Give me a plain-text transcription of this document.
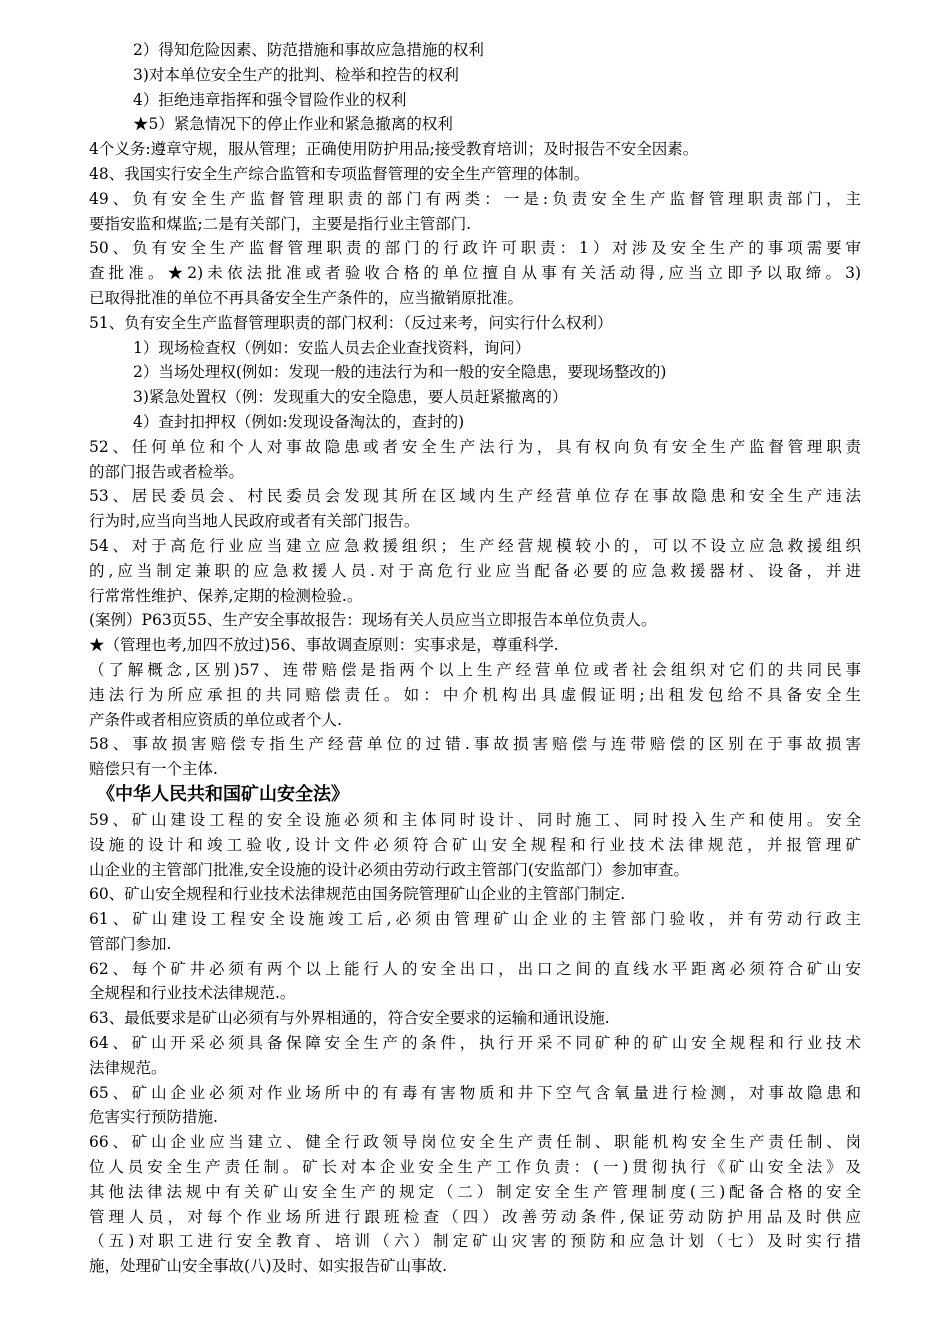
2）得知危险因素、防范措施和事故应急措施的权利
3)对本单位安全生产的批判、检举和控告的权利
4）拒绝违章指挥和强令冒险作业的权利
★5）紧急情况下的停止作业和紧急撤离的权利
4个义务:遵章守规，服从管理；正确使用防护用品;接受教育培训；及时报告不安全因素。
48、我国实行安全生产综合监管和专项监督管理的安全生产管理的体制。
49、负有安全生产监督管理职责的部门有两类：一是:负责安全生产监督管理职责部门，主
要指安监和煤监;二是有关部门，主要是指行业主管部门.
50、负有安全生产监督管理职责的部门的行政许可职责：1）对涉及安全生产的事项需要审
查批准。★2)未依法批准或者验收合格的单位擅自从事有关活动得,应当立即予以取缔。3)
已取得批准的单位不再具备安全生产条件的，应当撤销原批准。
51、负有安全生产监督管理职责的部门权利：（反过来考，问实行什么权利）
1）现场检查权（例如：安监人员去企业查找资料，询问）
2）当场处理权(例如：发现一般的违法行为和一般的安全隐患，要现场整改的)
3)紧急处置权（例：发现重大的安全隐患，要人员赶紧撤离的）
4）查封扣押权（例如:发现设备淘汰的，查封的)
52、任何单位和个人对事故隐患或者安全生产法行为，具有权向负有安全生产监督管理职责
的部门报告或者检举。
53、居民委员会、村民委员会发现其所在区域内生产经营单位存在事故隐患和安全生产违法
行为时,应当向当地人民政府或者有关部门报告。
54、对于高危行业应当建立应急救援组织；生产经营规模较小的，可以不设立应急救援组织
的,应当制定兼职的应急救援人员.对于高危行业应当配备必要的应急救援器材、设备，并进
行常常性维护、保养,定期的检测检验.。
(案例）P63页55、生产安全事故报告：现场有关人员应当立即报告本单位负责人。
★（管理也考,加四不放过)56、事故调查原则：实事求是，尊重科学.
（了解概念,区别)57、连带赔偿是指两个以上生产经营单位或者社会组织对它们的共同民事
违法行为所应承担的共同赔偿责任。如：中介机构出具虚假证明;出租发包给不具备安全生
产条件或者相应资质的单位或者个人.
58、事故损害赔偿专指生产经营单位的过错.事故损害赔偿与连带赔偿的区别在于事故损害
赔偿只有一个主体.
《中华人民共和国矿山安全法》
59、矿山建设工程的安全设施必须和主体同时设计、同时施工、同时投入生产和使用。安全
设施的设计和竣工验收,设计文件必须符合矿山安全规程和行业技术法律规范，并报管理矿
山企业的主管部门批准,安全设施的设计必须由劳动行政主管部门(安监部门）参加审查。
60、矿山安全规程和行业技术法律规范由国务院管理矿山企业的主管部门制定.
61、矿山建设工程安全设施竣工后,必须由管理矿山企业的主管部门验收，并有劳动行政主
管部门参加.
62、每个矿井必须有两个以上能行人的安全出口，出口之间的直线水平距离必须符合矿山安
全规程和行业技术法律规范.。
63、最低要求是矿山必须有与外界相通的，符合安全要求的运输和通讯设施.
64、矿山开采必须具备保障安全生产的条件，执行开采不同矿种的矿山安全规程和行业技术
法律规范。
65、矿山企业必须对作业场所中的有毒有害物质和井下空气含氧量进行检测，对事故隐患和
危害实行预防措施.
66、矿山企业应当建立、健全行政领导岗位安全生产责任制、职能机构安全生产责任制、岗
位人员安全生产责任制。矿长对本企业安全生产工作负责：(一)贯彻执行《矿山安全法》及
其他法律法规中有关矿山安全生产的规定（二）制定安全生产管理制度(三)配备合格的安全
管理人员，对每个作业场所进行跟班检查（四）改善劳动条件,保证劳动防护用品及时供应
（五)对职工进行安全教育、培训（六）制定矿山灾害的预防和应急计划（七）及时实行措
施，处理矿山安全事故(八)及时、如实报告矿山事故.
